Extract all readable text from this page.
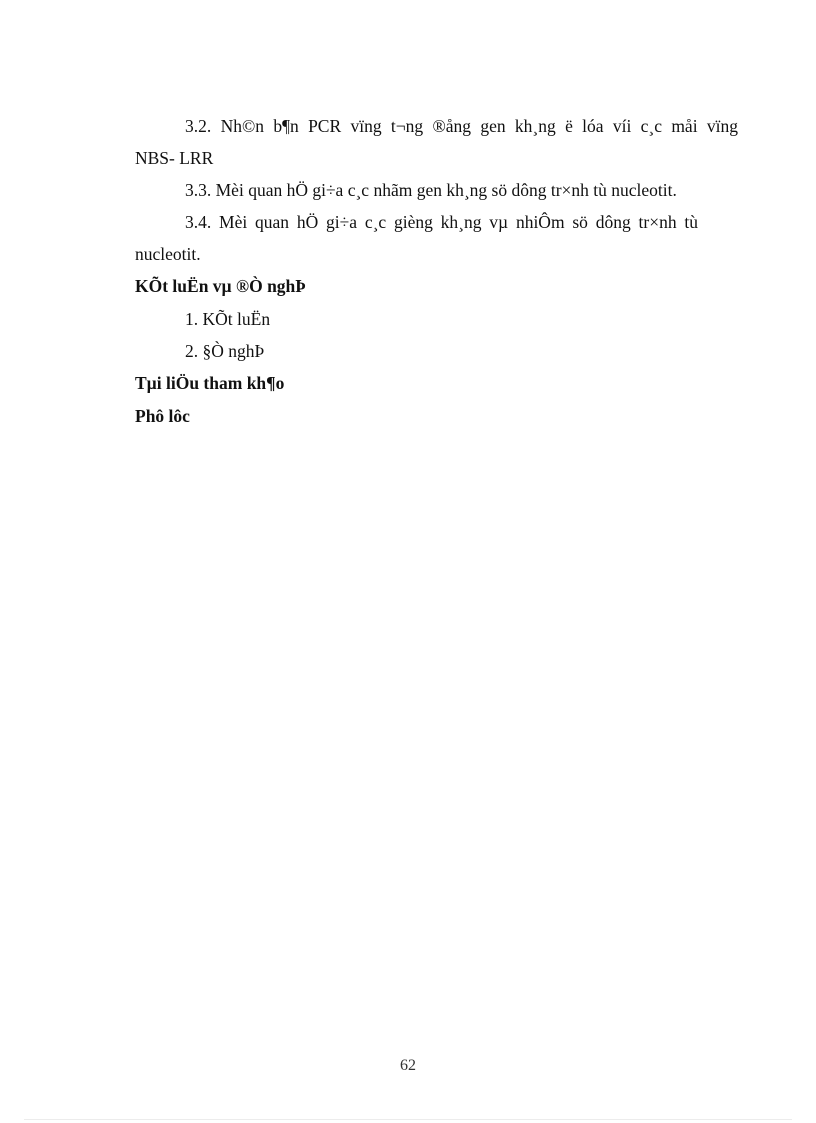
3.2. Nh©n b¶n PCR vïng t¬ng ®ång gen kh¸ng ë lóa víi c¸c måi vïng
NBS- LRR
3.3. Mèi quan hÖ gi÷a c¸c nhãm gen kh¸ng sö dông tr×nh tù nucleotit.
3.4. Mèi quan hÖ gi÷a c¸c gièng kh¸ng vµ nhiÔm sö dông tr×nh tù
nucleotit.
KÕt luËn vµ ®Ò nghÞ
1. KÕt luËn
2. §Ò nghÞ
Tµi liÖu tham kh¶o
Phô lôc
62
